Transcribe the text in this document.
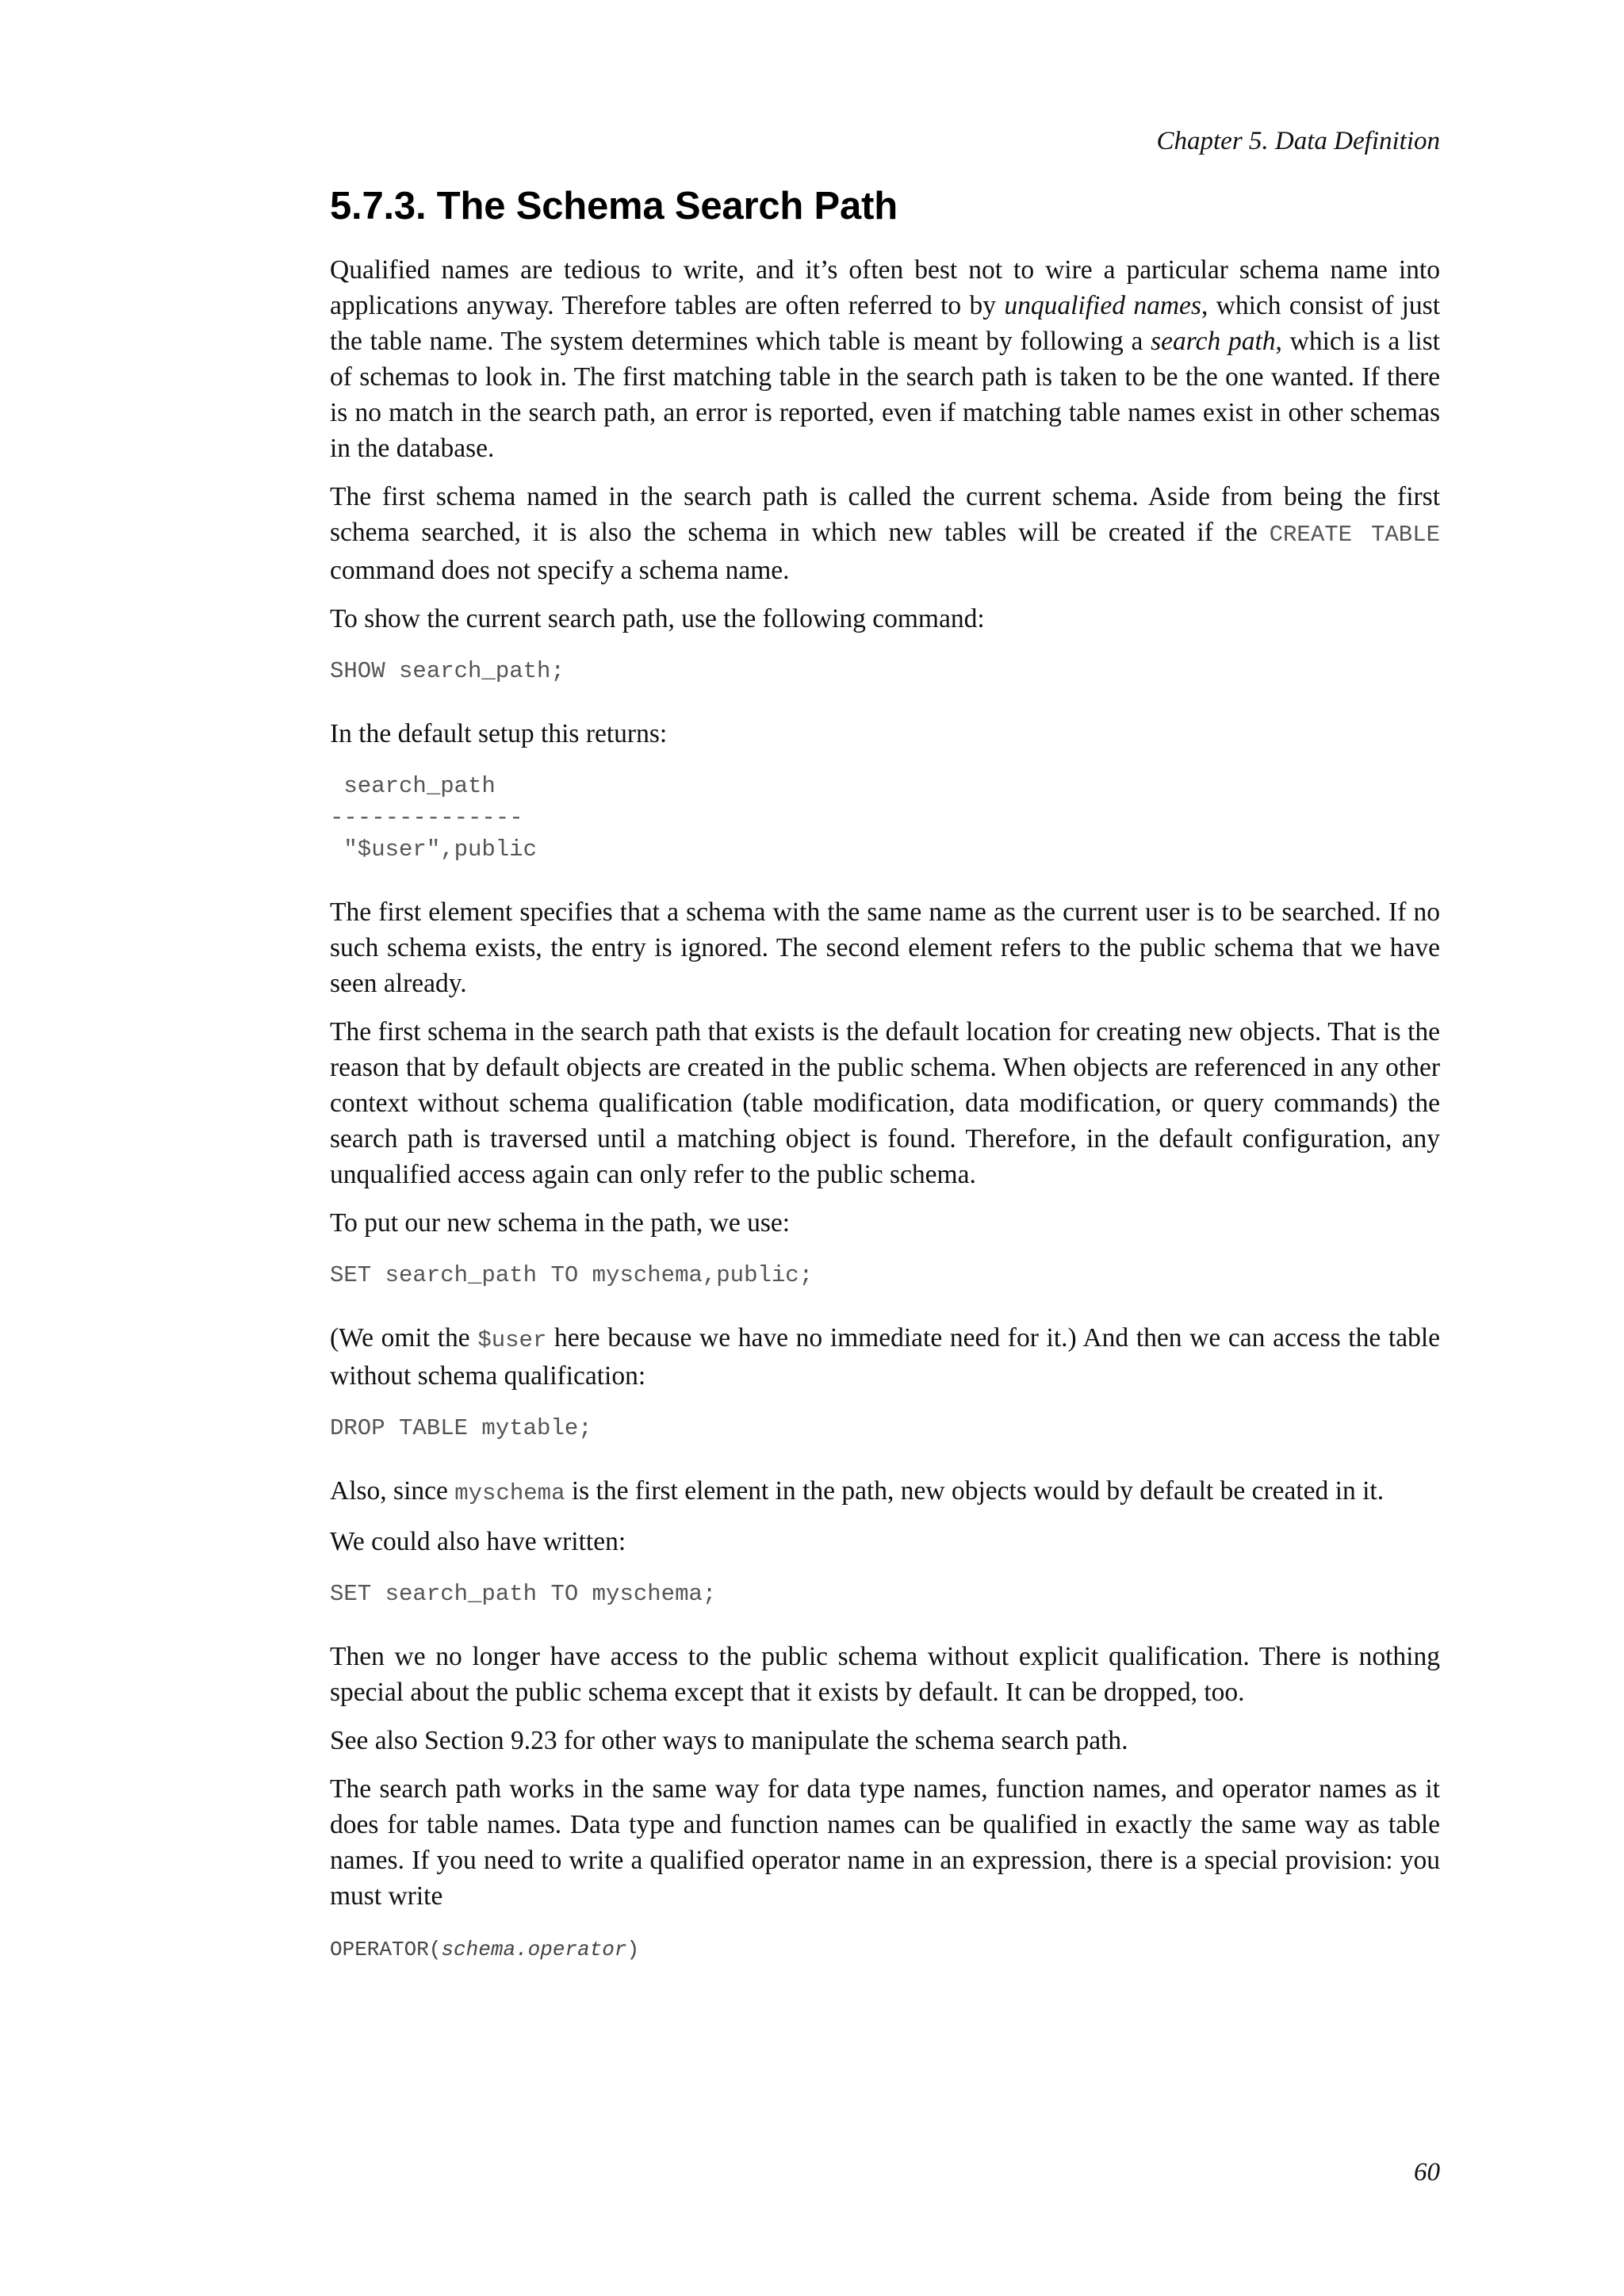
Chapter 5. Data Definition
5.7.3. The Schema Search Path

Qualified names are tedious to write, and it’s often best not to wire a particular schema name into applications anyway. Therefore tables are often referred to by unqualified names, which consist of just the table name. The system determines which table is meant by following a search path, which is a list of schemas to look in. The first matching table in the search path is taken to be the one wanted. If there is no match in the search path, an error is reported, even if matching table names exist in other schemas in the database.

The first schema named in the search path is called the current schema. Aside from being the first schema searched, it is also the schema in which new tables will be created if the CREATE TABLE command does not specify a schema name.

To show the current search path, use the following command:

SHOW search_path;

In the default setup this returns:

search_path
--------------
"$user",public

The first element specifies that a schema with the same name as the current user is to be searched. If no such schema exists, the entry is ignored. The second element refers to the public schema that we have seen already.

The first schema in the search path that exists is the default location for creating new objects. That is the reason that by default objects are created in the public schema. When objects are referenced in any other context without schema qualification (table modification, data modification, or query commands) the search path is traversed until a matching object is found. Therefore, in the default configuration, any unqualified access again can only refer to the public schema.

To put our new schema in the path, we use:

SET search_path TO myschema,public;

(We omit the $user here because we have no immediate need for it.) And then we can access the table without schema qualification:

DROP TABLE mytable;

Also, since myschema is the first element in the path, new objects would by default be created in it.

We could also have written:

SET search_path TO myschema;

Then we no longer have access to the public schema without explicit qualification. There is nothing special about the public schema except that it exists by default. It can be dropped, too.

See also Section 9.23 for other ways to manipulate the schema search path.

The search path works in the same way for data type names, function names, and operator names as it does for table names. Data type and function names can be qualified in exactly the same way as table names. If you need to write a qualified operator name in an expression, there is a special provision: you must write

OPERATOR(schema.operator)
60
